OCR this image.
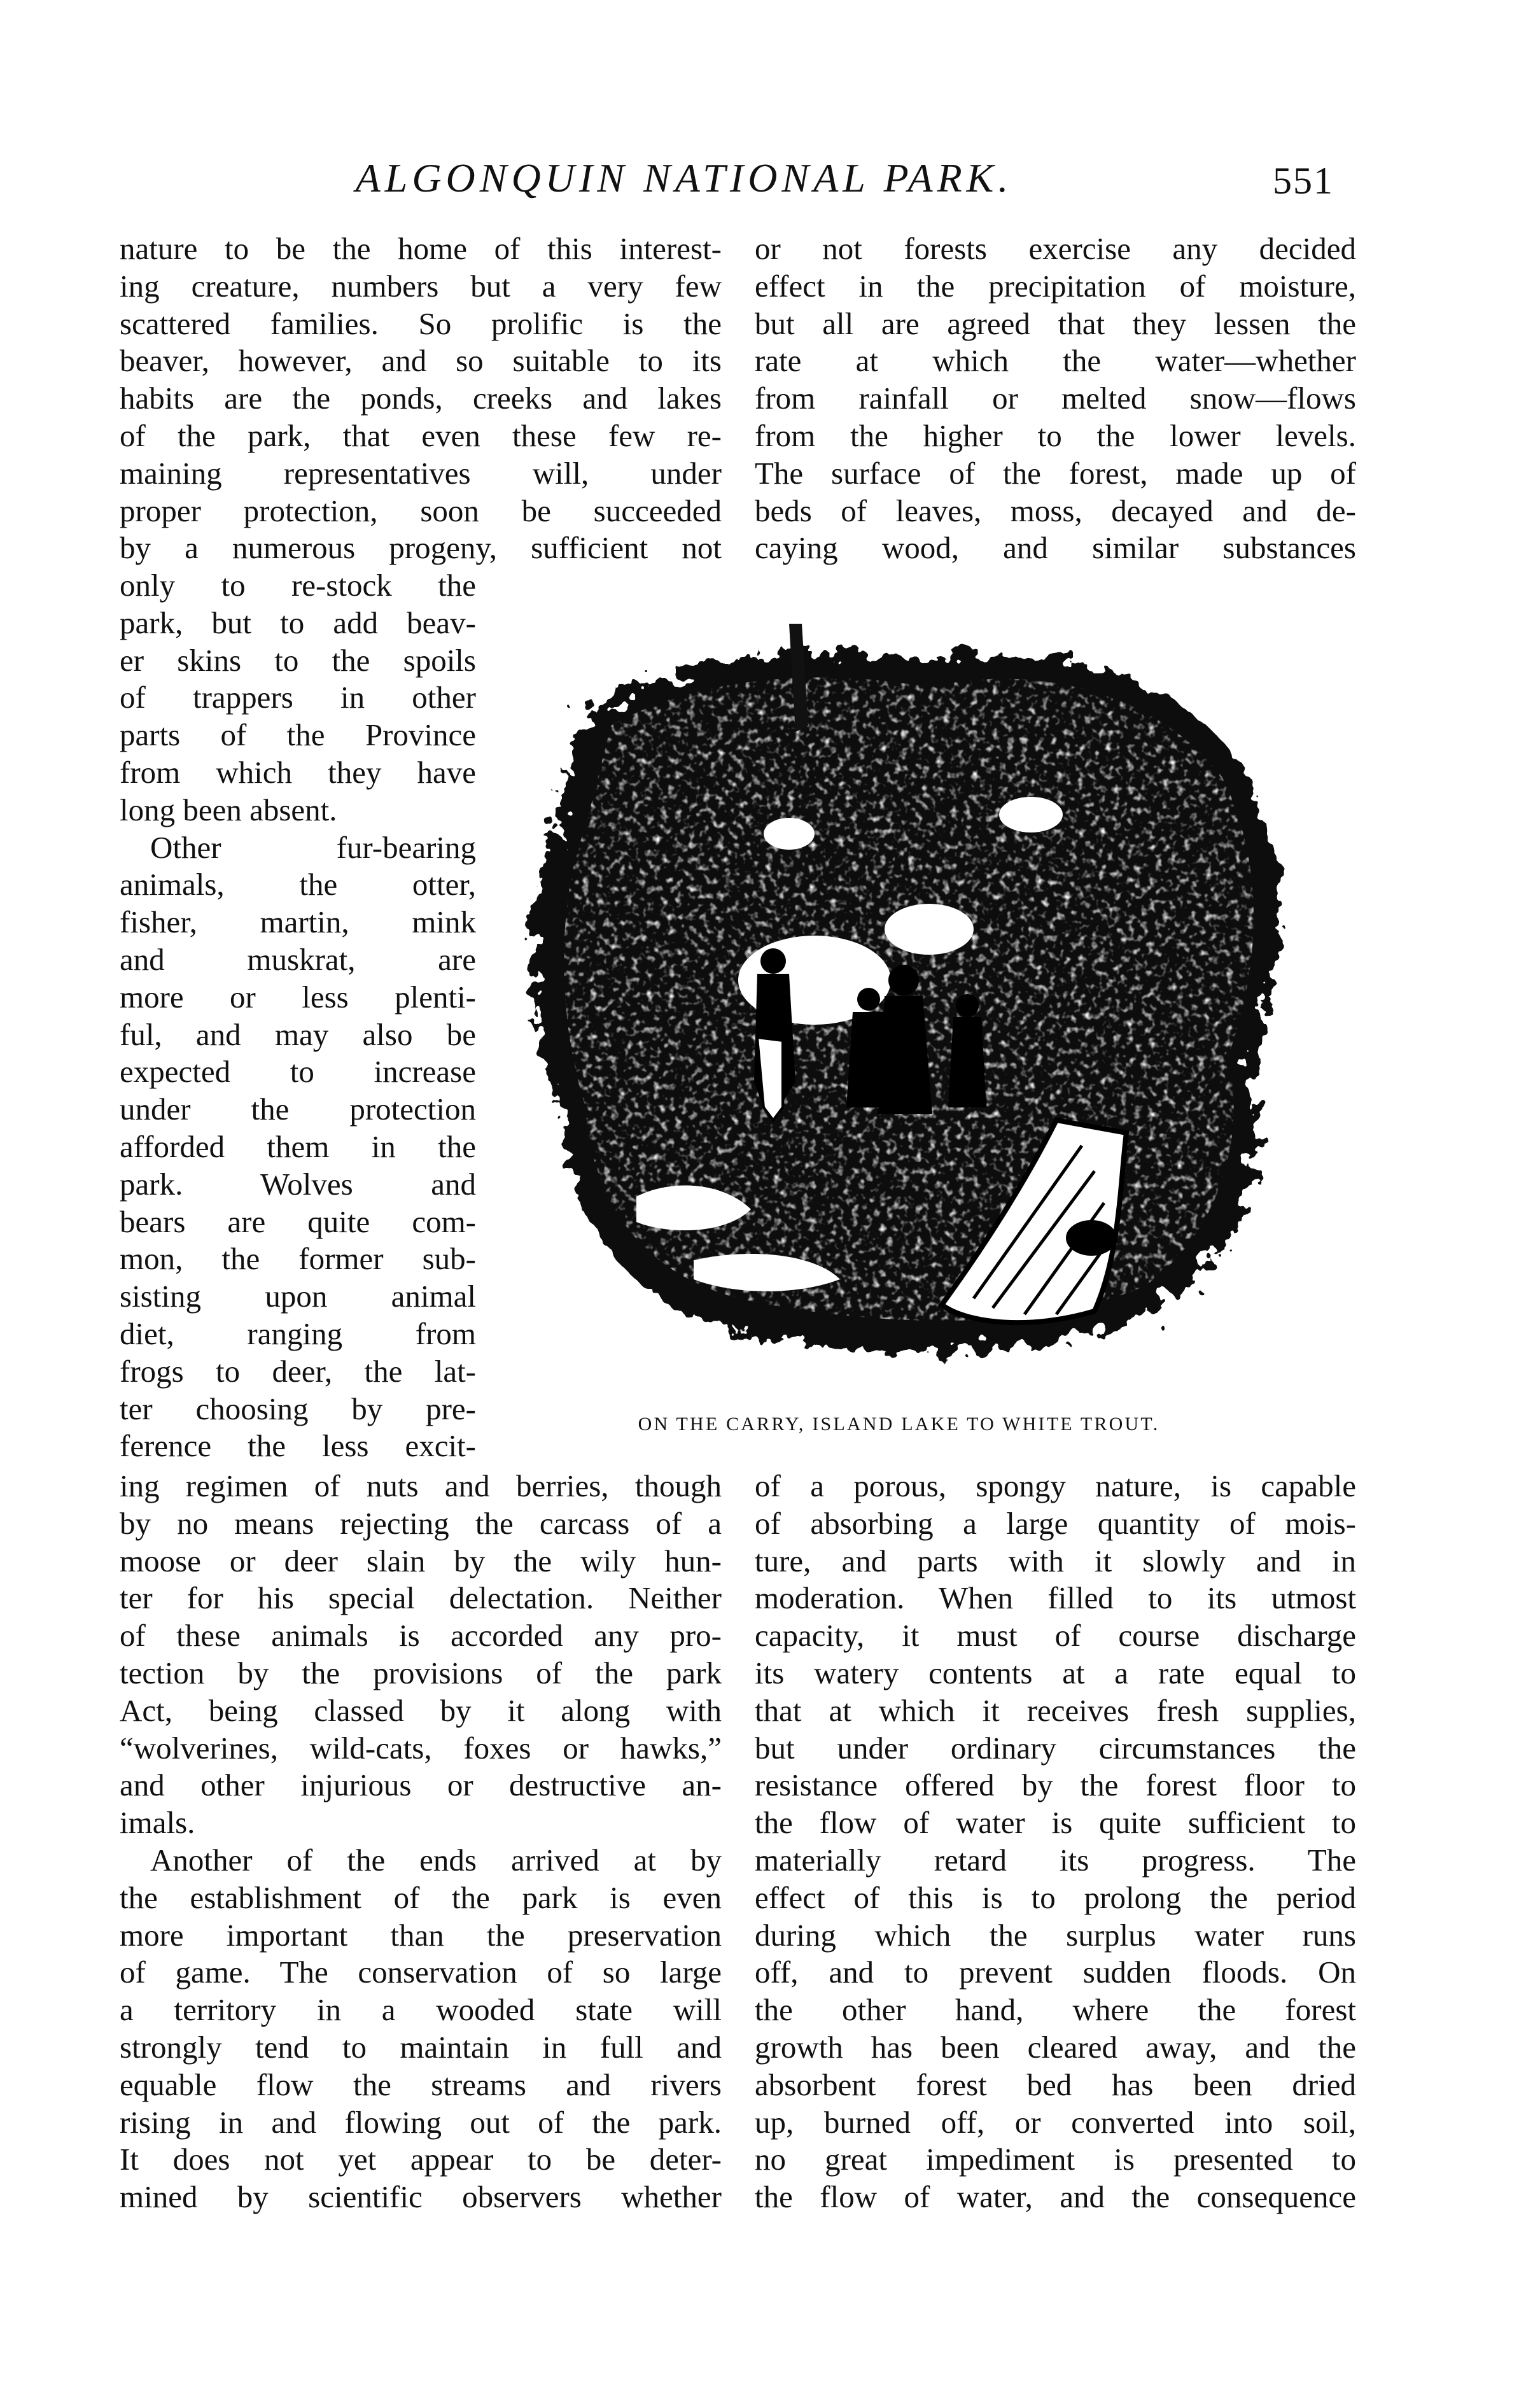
ALGONQUIN NATIONAL PARK.	551

nature to be the home of this interest-

ing creature, numbers but a very few

scattered families. So prolific is the

beaver, however, and so suitable to its

habits are the ponds, creeks and lakes

of the park, that even these few re-

maining representatives will, under

proper protection, soon be succeeded

by a numerous progeny, sufficient not

only to re-stock the

park, but to add beav-

er skins to the spoils

of trappers in other

parts of the Province

from which they have

long been absent.

Other fur-bearing

animals, the otter,

fisher, martin, mink

and muskrat, are

more or less plenti-

ful, and may also be

expected to increase

under the protection

afforded them in the

park. Wolves and

bears are quite com-

mon, the former sub-

sisting upon animal

diet, ranging from

frogs to deer, the lat-

ter choosing by pre-

ference the less excit-

ing regimen of nuts and berries, though

by no means rejecting the carcass of a

moose or deer slain by the wily hun-

ter for his special delectation. Neither

of these animals is accorded any pro-

tection by the provisions of the park

Act, being classed by it along with

“wolverines, wild-cats, foxes or hawks,”

and other injurious or destructive an-

imals.

Another of the ends arrived at by

the establishment of the park is even

more important than the preservation

of game. The conservation of so large

a territory in a wooded state will

strongly tend to maintain in full and

equable flow the streams and rivers

rising in and flowing out of the park.

It does not yet appear to be deter-

mined by scientific observers whether

or not forests exercise any decided

effect in the precipitation of moisture,

but all are agreed that they lessen the

rate at which the water—whether

from rainfall or melted snow—flows

from the higher to the lower levels.

The surface of the forest, made up of

beds of leaves, moss, decayed and de-

caying wood, and similar substances

ON THE CARRY, ISLAND LAKE TO WHITE TROUT.

of a porous, spongy nature, is capable

of absorbing a large quantity of mois-

ture, and parts with it slowly and in

moderation. When filled to its utmost

capacity, it must of course discharge

its watery contents at a rate equal to

that at which it receives fresh supplies,

but under ordinary circumstances the

resistance offered by the forest floor to

the flow of water is quite sufficient to

materially retard its progress. The

effect of this is to prolong the period

during which the surplus water runs

off, and to prevent sudden floods. On

the other hand, where the forest

growth has been cleared away, and the

absorbent forest bed has been dried

up, burned off, or converted into soil,

no great impediment is presented to

the flow of water, and the consequence
